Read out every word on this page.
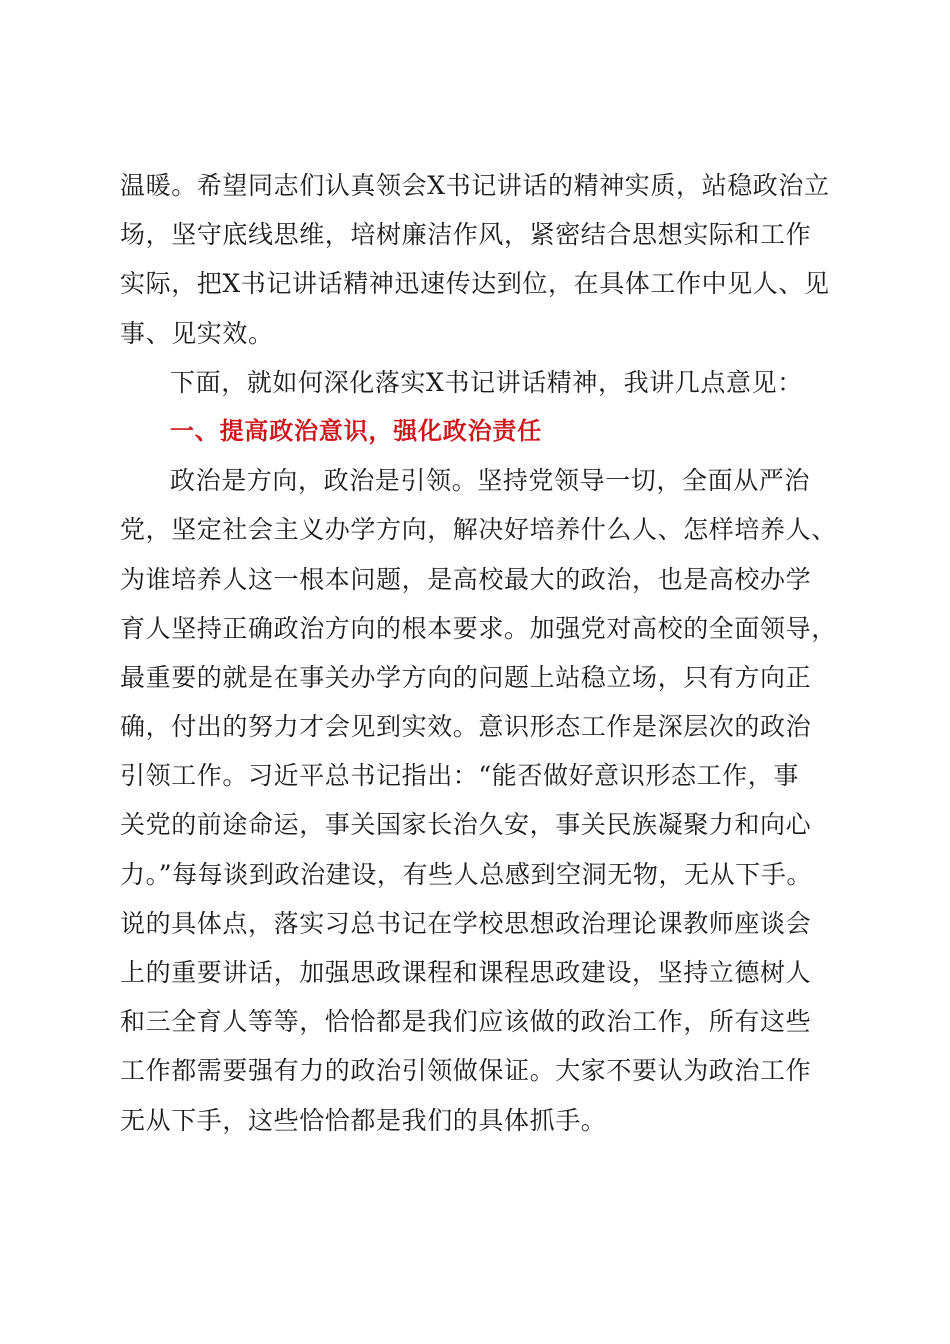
温暖。希望同志们认真领会X书记讲话的精神实质，站稳政治立
场，坚守底线思维，培树廉洁作风，紧密结合思想实际和工作
实际，把X书记讲话精神迅速传达到位，在具体工作中见人、见
事、见实效。
下面，就如何深化落实X书记讲话精神，我讲几点意见：
一、提高政治意识，强化政治责任
政治是方向，政治是引领。坚持党领导一切，全面从严治
党，坚定社会主义办学方向，解决好培养什么人、怎样培养人、
为谁培养人这一根本问题，是高校最大的政治，也是高校办学
育人坚持正确政治方向的根本要求。加强党对高校的全面领导，
最重要的就是在事关办学方向的问题上站稳立场，只有方向正
确，付出的努力才会见到实效。意识形态工作是深层次的政治
引领工作。习近平总书记指出：“能否做好意识形态工作，事
关党的前途命运，事关国家长治久安，事关民族凝聚力和向心
力。”每每谈到政治建设，有些人总感到空洞无物，无从下手。
说的具体点，落实习总书记在学校思想政治理论课教师座谈会
上的重要讲话，加强思政课程和课程思政建设，坚持立德树人
和三全育人等等，恰恰都是我们应该做的政治工作，所有这些
工作都需要强有力的政治引领做保证。大家不要认为政治工作
无从下手，这些恰恰都是我们的具体抓手。
